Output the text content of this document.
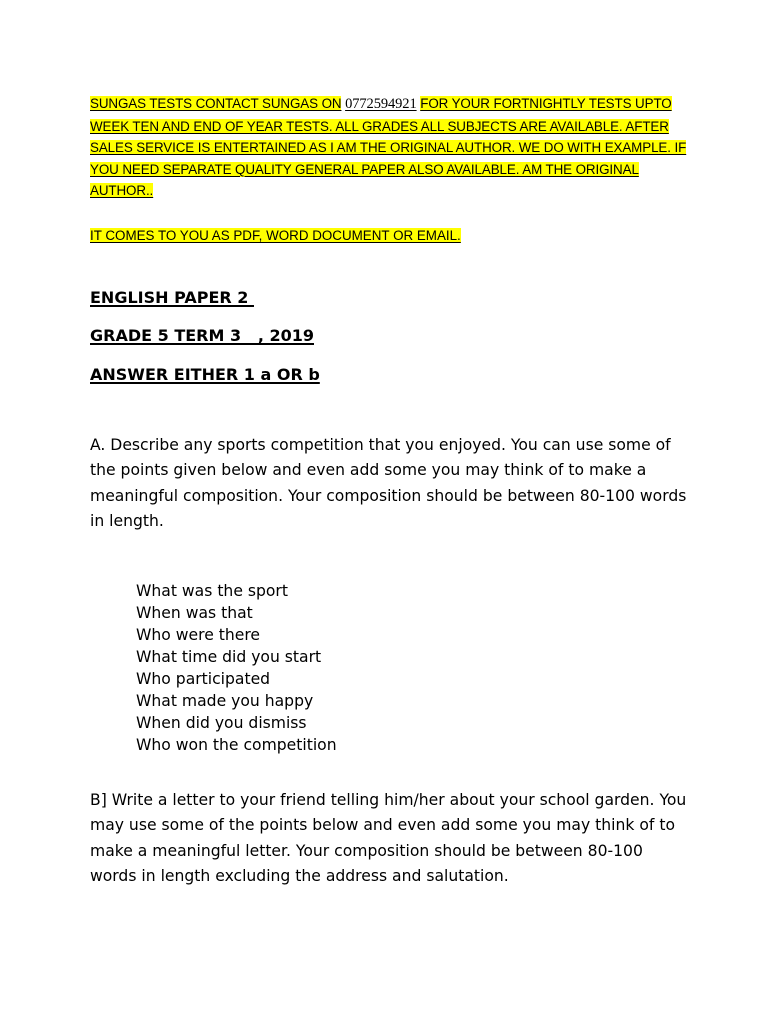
SUNGAS TESTS CONTACT SUNGAS ON 0772594921 FOR YOUR FORTNIGHTLY TESTS UPTO WEEK TEN AND END OF YEAR TESTS. ALL GRADES ALL SUBJECTS ARE AVAILABLE. AFTER SALES SERVICE IS ENTERTAINED AS I AM THE ORIGINAL AUTHOR. WE DO WITH EXAMPLE. IF YOU NEED SEPARATE QUALITY GENERAL PAPER ALSO AVAILABLE. AM THE ORIGINAL AUTHOR..

IT COMES TO YOU AS PDF, WORD DOCUMENT OR EMAIL.

ENGLISH PAPER 2
GRADE 5 TERM 3   , 2019
ANSWER EITHER 1 a OR b

A. Describe any sports competition that you enjoyed. You can use some of the points given below and even add some you may think of to make a meaningful composition. Your composition should be between 80-100 words in length.

What was the sport
When was that
Who were there
What time did you start
Who participated
What made you happy
When did you dismiss
Who won the competition

B] Write a letter to your friend telling him/her about your school garden. You may use some of the points below and even add some you may think of to make a meaningful letter. Your composition should be between 80-100 words in length excluding the address and salutation.
